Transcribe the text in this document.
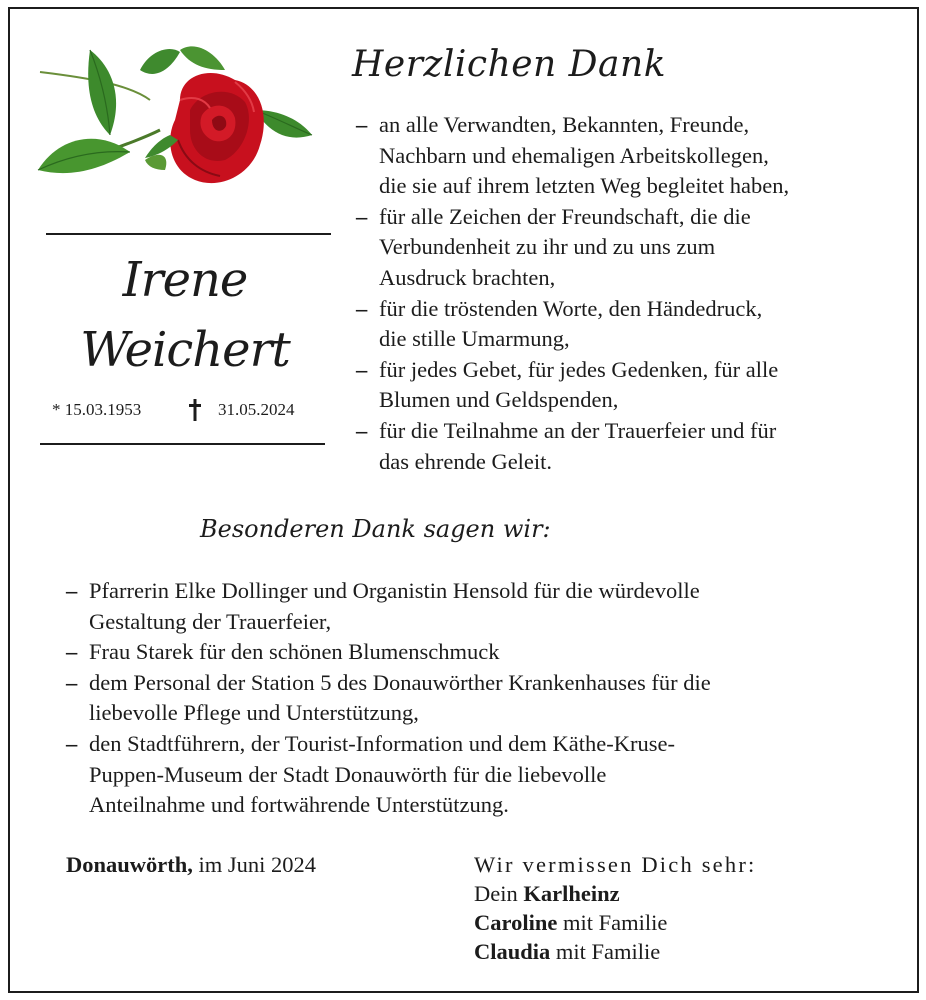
Irene
Weichert
* 15.03.1953	31.05.2024
Herzlichen Dank
– an alle Verwandten, Bekannten, Freunde,
Nachbarn und ehemaligen Arbeitskollegen,
die sie auf ihrem letzten Weg begleitet haben,
– für alle Zeichen der Freundschaft, die die
Verbundenheit zu ihr und zu uns zum
Ausdruck brachten,
– für die tröstenden Worte, den Händedruck,
die stille Umarmung,
– für jedes Gebet, für jedes Gedenken, für alle
Blumen und Geldspenden,
– für die Teilnahme an der Trauerfeier und für
das ehrende Geleit.
Besonderen Dank sagen wir:
– Pfarrerin Elke Dollinger und Organistin Hensold für die würdevolle
Gestaltung der Trauerfeier,
– Frau Starek für den schönen Blumenschmuck
– dem Personal der Station 5 des Donauwörther Krankenhauses für die
liebevolle Pflege und Unterstützung,
– den Stadtführern, der Tourist-Information und dem Käthe-Kruse-
Puppen-Museum der Stadt Donauwörth für die liebevolle
Anteilnahme und fortwährende Unterstützung.
Donauwörth, im Juni 2024	Wir vermissen Dich sehr:
Dein Karlheinz
Caroline mit Familie
Claudia mit Familie
